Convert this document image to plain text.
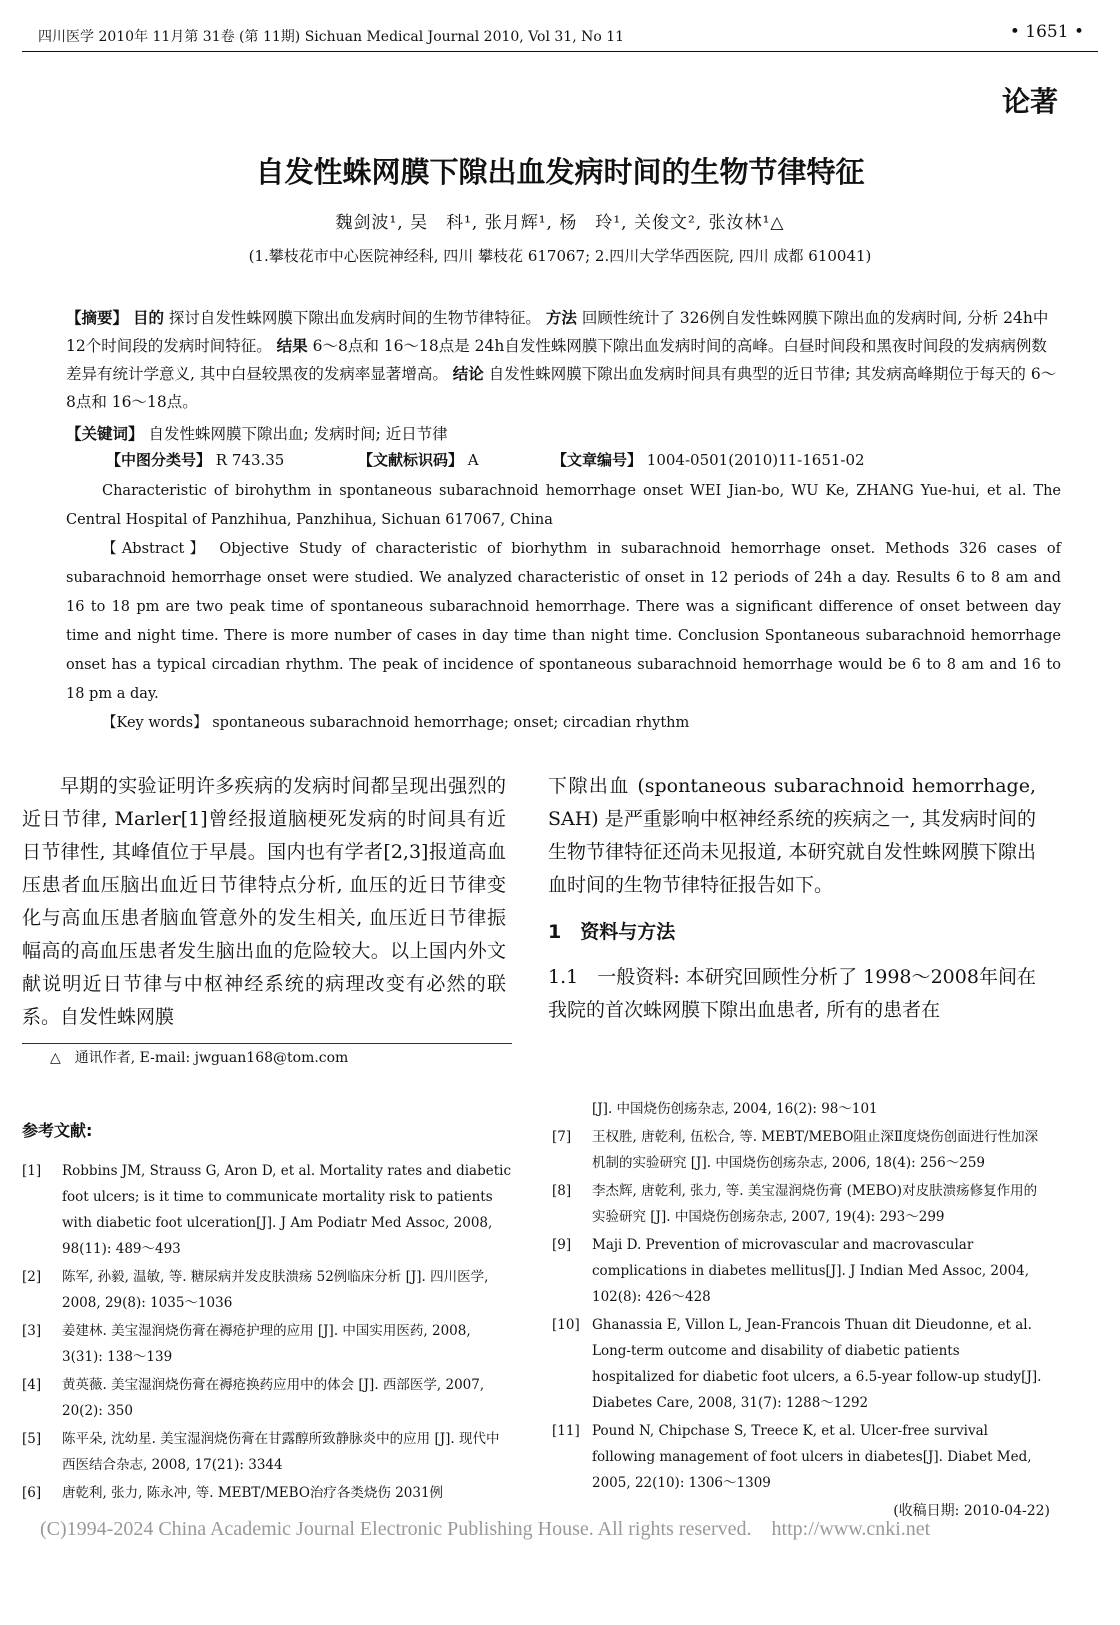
四川医学 2010年 11月第 31卷 (第 11期) Sichuan Medical Journal 2010, Vol 31, No 11	• 1651 •
论著
自发性蛛网膜下隙出血发病时间的生物节律特征
魏剑波¹, 吴　科¹, 张月辉¹, 杨　玲¹, 关俊文², 张汝林¹△
(1.攀枝花市中心医院神经科, 四川 攀枝花 617067; 2.四川大学华西医院, 四川 成都 610041)
【摘要】 目的 探讨自发性蛛网膜下隙出血发病时间的生物节律特征。 方法 回顾性统计了 326例自发性蛛网膜下隙出血的发病时间, 分析 24h中 12个时间段的发病时间特征。 结果 6～8点和 16～18点是 24h自发性蛛网膜下隙出血发病时间的高峰。白昼时间段和黑夜时间段的发病病例数差异有统计学意义, 其中白昼较黑夜的发病率显著增高。 结论 自发性蛛网膜下隙出血发病时间具有典型的近日节律; 其发病高峰期位于每天的 6～8点和 16～18点。
【关键词】 自发性蛛网膜下隙出血; 发病时间; 近日节律
【中图分类号】 R 743.35	【文献标识码】 A	【文章编号】 1004-0501(2010)11-1651-02

Characteristic of birohythm in spontaneous subarachnoid hemorrhage onset WEI Jian-bo, WU Ke, ZHANG Yue-hui, et al. The Central Hospital of Panzhihua, Panzhihua, Sichuan 617067, China

【Abstract】 Objective Study of characteristic of biorhythm in subarachnoid hemorrhage onset. Methods 326 cases of subarachnoid hemorrhage onset were studied. We analyzed characteristic of onset in 12 periods of 24h a day. Results 6 to 8 am and 16 to 18 pm are two peak time of spontaneous subarachnoid hemorrhage. There was a significant difference of onset between day time and night time. There is more number of cases in day time than night time. Conclusion Spontaneous subarachnoid hemorrhage onset has a typical circadian rhythm. The peak of incidence of spontaneous subarachnoid hemorrhage would be 6 to 8 am and 16 to 18 pm a day.

【Key words】 spontaneous subarachnoid hemorrhage; onset; circadian rhythm

早期的实验证明许多疾病的发病时间都呈现出强烈的近日节律, Marler[1]曾经报道脑梗死发病的时间具有近日节律性, 其峰值位于早晨。国内也有学者[2,3]报道高血压患者血压脑出血近日节律特点分析, 血压的近日节律变化与高血压患者脑血管意外的发生相关, 血压近日节律振幅高的高血压患者发生脑出血的危险较大。以上国内外文献说明近日节律与中枢神经系统的病理改变有必然的联系。自发性蛛网膜

下隙出血 (spontaneous subarachnoid hemorrhage, SAH) 是严重影响中枢神经系统的疾病之一, 其发病时间的生物节律特征还尚未见报道, 本研究就自发性蛛网膜下隙出血时间的生物节律特征报告如下。

1　资料与方法

1.1　一般资料: 本研究回顾性分析了 1998～2008年间在我院的首次蛛网膜下隙出血患者, 所有的患者在

△　通讯作者, E-mail: jwguan168@tom.com
参考文献:
[1] Robbins JM, Strauss G, Aron D, et al. Mortality rates and diabetic foot ulcers; is it time to communicate mortality risk to patients with diabetic foot ulceration[J]. J Am Podiatr Med Assoc, 2008, 98(11): 489～493
[2] 陈军, 孙毅, 温敏, 等. 糖尿病并发皮肤溃疡 52例临床分析 [J]. 四川医学, 2008, 29(8): 1035～1036
[3] 姜建林. 美宝湿润烧伤膏在褥疮护理的应用 [J]. 中国实用医药, 2008, 3(31): 138～139
[4] 黄英薇. 美宝湿润烧伤膏在褥疮换药应用中的体会 [J]. 西部医学, 2007, 20(2): 350
[5] 陈平朵, 沈幼星. 美宝湿润烧伤膏在甘露醇所致静脉炎中的应用 [J]. 现代中西医结合杂志, 2008, 17(21): 3344
[6] 唐乾利, 张力, 陈永冲, 等. MEBT/MEBO治疗各类烧伤 2031例
[J]. 中国烧伤创疡杂志, 2004, 16(2): 98～101
[7] 王权胜, 唐乾利, 伍松合, 等. MEBT/MEBO阻止深Ⅱ度烧伤创面进行性加深机制的实验研究 [J]. 中国烧伤创疡杂志, 2006, 18(4): 256～259
[8] 李杰辉, 唐乾利, 张力, 等. 美宝湿润烧伤膏 (MEBO)对皮肤溃疡修复作用的实验研究 [J]. 中国烧伤创疡杂志, 2007, 19(4): 293～299
[9] Maji D. Prevention of microvascular and macrovascular complications in diabetes mellitus[J]. J Indian Med Assoc, 2004, 102(8): 426～428
[10] Ghanassia E, Villon L, Jean-Francois Thuan dit Dieudonne, et al. Long-term outcome and disability of diabetic patients hospitalized for diabetic foot ulcers, a 6.5-year follow-up study[J]. Diabetes Care, 2008, 31(7): 1288～1292
[11] Pound N, Chipchase S, Treece K, et al. Ulcer-free survival following management of foot ulcers in diabetes[J]. Diabet Med, 2005, 22(10): 1306～1309
(收稿日期: 2010-04-22)
(C)1994-2024 China Academic Journal Electronic Publishing House. All rights reserved.　http://www.cnki.net
